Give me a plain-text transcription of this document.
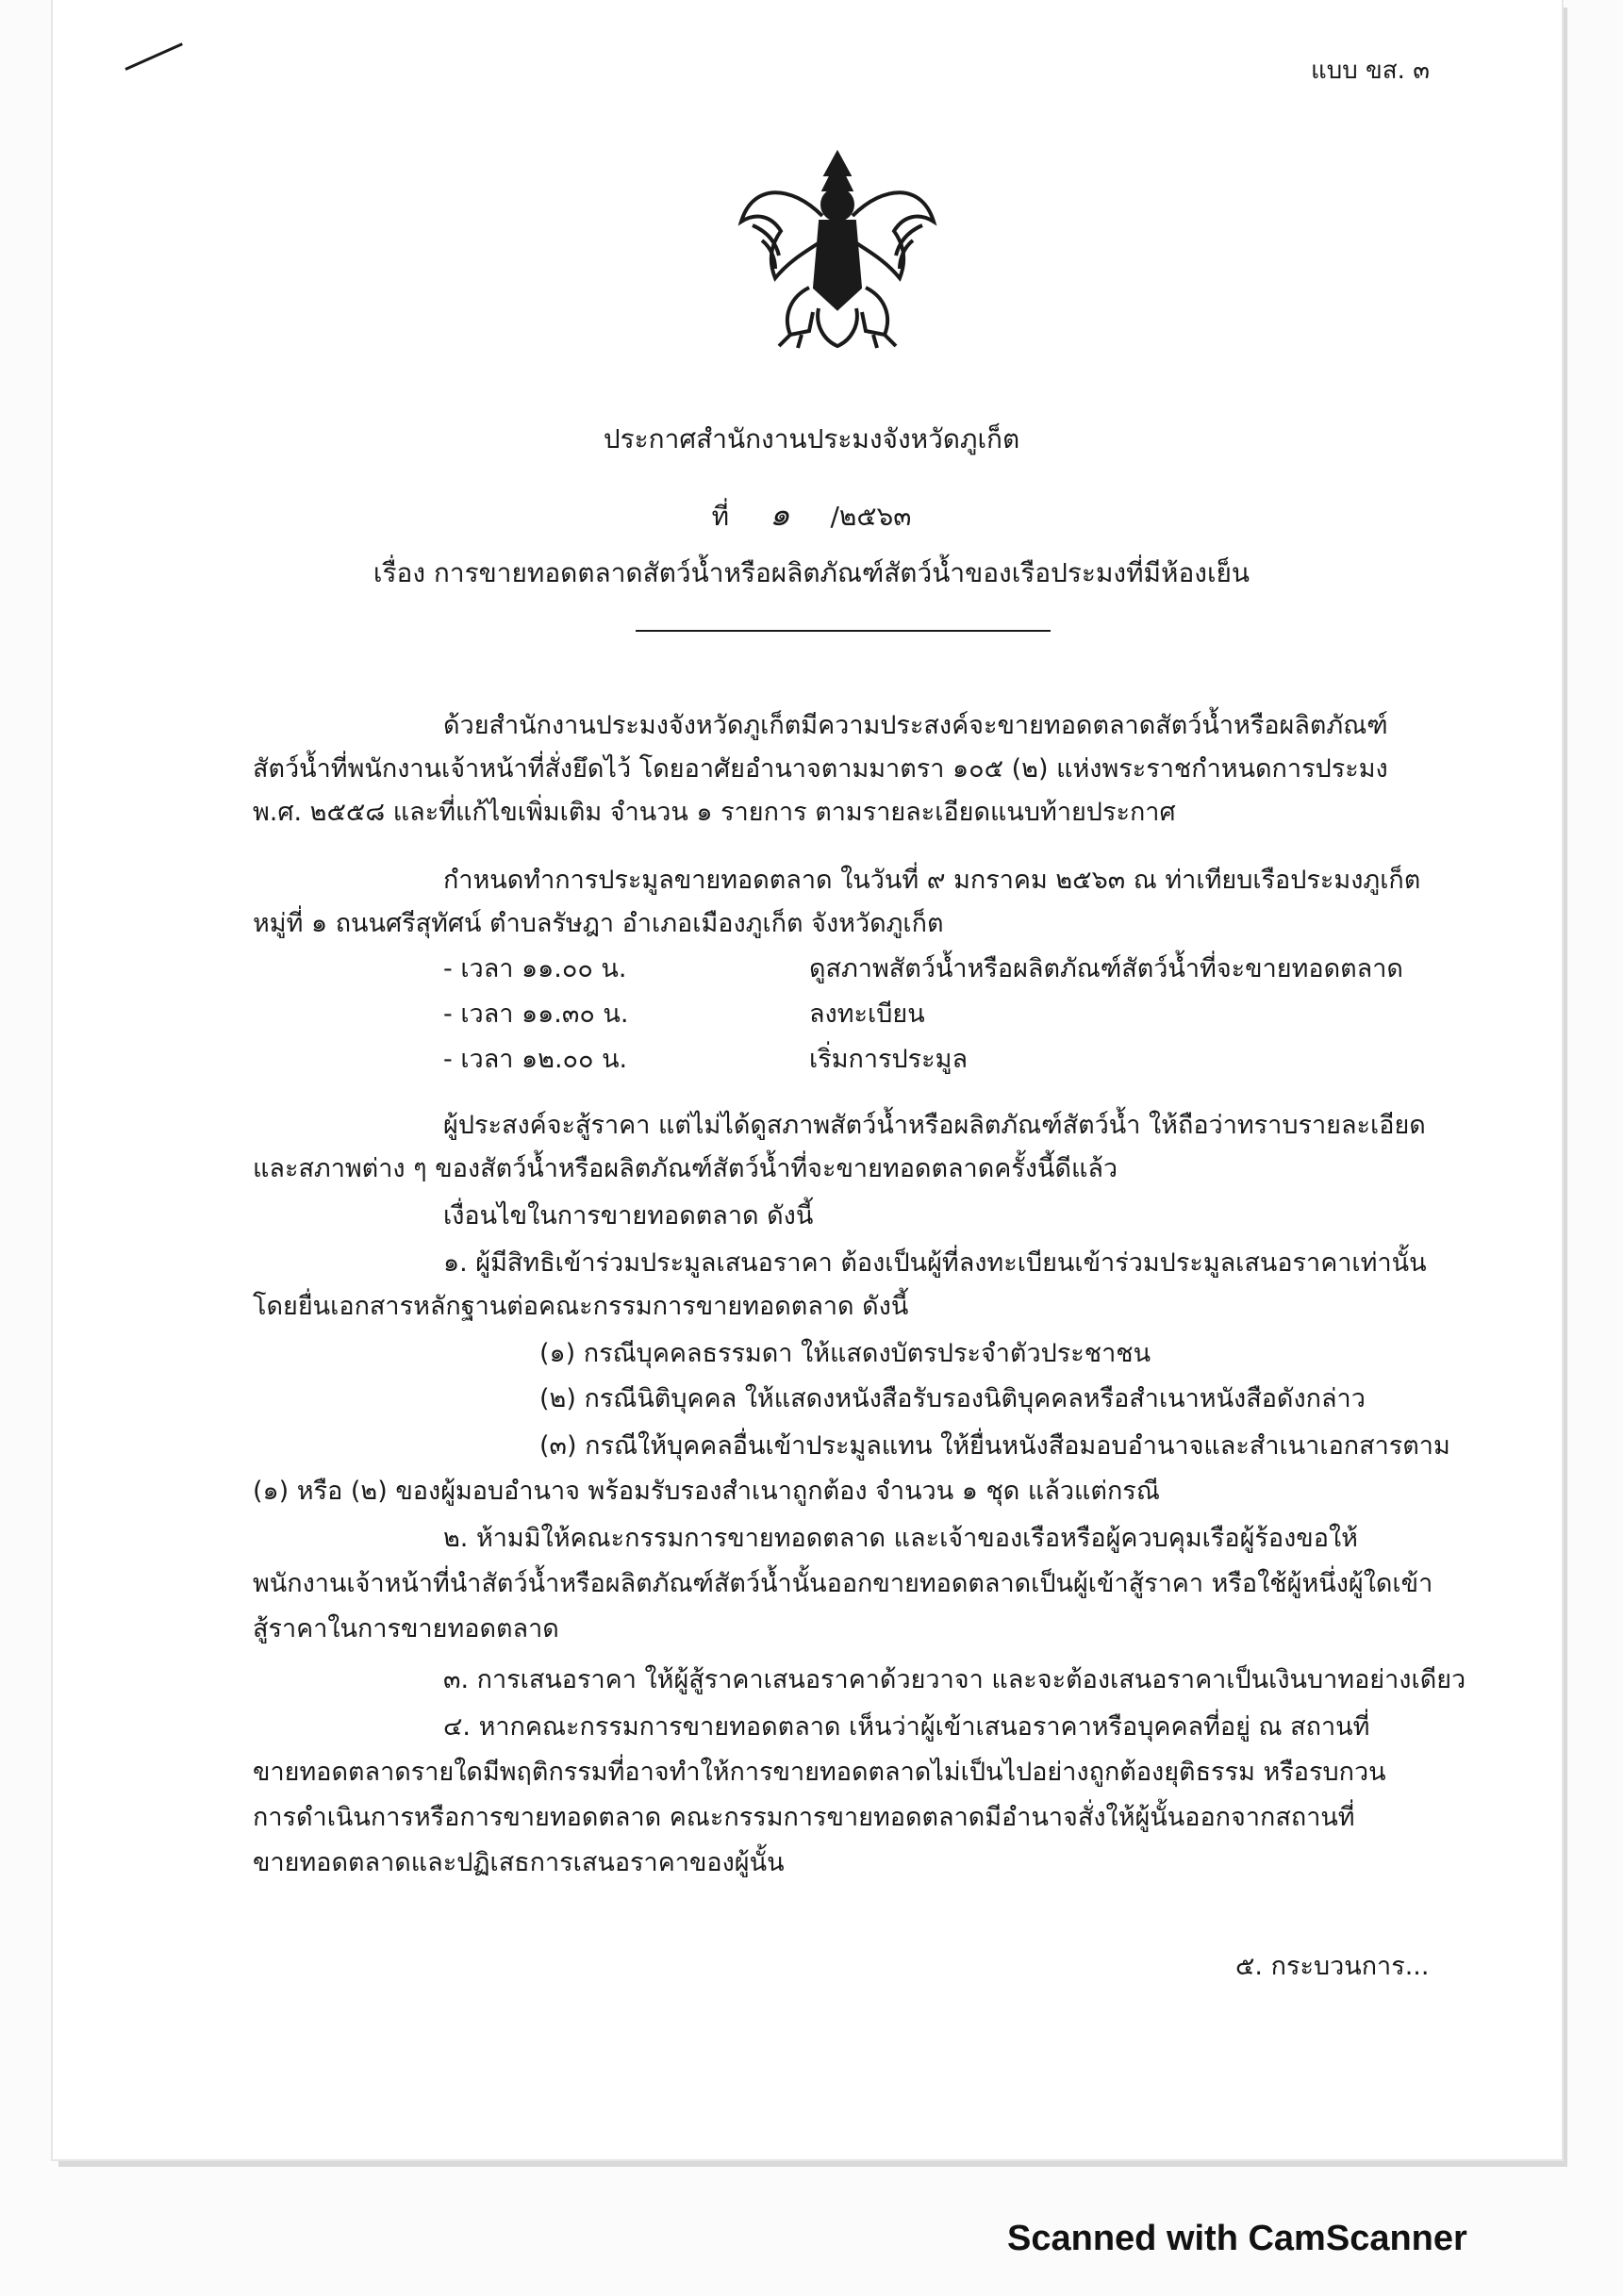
แบบ ขส. ๓
ประกาศสำนักงานประมงจังหวัดภูเก็ต
ที่ ๑ /๒๕๖๓
เรื่อง การขายทอดตลาดสัตว์น้ำหรือผลิตภัณฑ์สัตว์น้ำของเรือประมงที่มีห้องเย็น
ด้วยสำนักงานประมงจังหวัดภูเก็ตมีความประสงค์จะขายทอดตลาดสัตว์น้ำหรือผลิตภัณฑ์
สัตว์น้ำที่พนักงานเจ้าหน้าที่สั่งยึดไว้ โดยอาศัยอำนาจตามมาตรา ๑๐๕ (๒) แห่งพระราชกำหนดการประมง
พ.ศ. ๒๕๕๘ และที่แก้ไขเพิ่มเติม จำนวน ๑ รายการ ตามรายละเอียดแนบท้ายประกาศ
กำหนดทำการประมูลขายทอดตลาด ในวันที่ ๙ มกราคม ๒๕๖๓ ณ ท่าเทียบเรือประมงภูเก็ต
หมู่ที่ ๑ ถนนศรีสุทัศน์ ตำบลรัษฎา อำเภอเมืองภูเก็ต จังหวัดภูเก็ต
- เวลา ๑๑.๐๐ น.	ดูสภาพสัตว์น้ำหรือผลิตภัณฑ์สัตว์น้ำที่จะขายทอดตลาด
- เวลา ๑๑.๓๐ น.	ลงทะเบียน
- เวลา ๑๒.๐๐ น.	เริ่มการประมูล
ผู้ประสงค์จะสู้ราคา แต่ไม่ได้ดูสภาพสัตว์น้ำหรือผลิตภัณฑ์สัตว์น้ำ ให้ถือว่าทราบรายละเอียด
และสภาพต่าง ๆ ของสัตว์น้ำหรือผลิตภัณฑ์สัตว์น้ำที่จะขายทอดตลาดครั้งนี้ดีแล้ว
เงื่อนไขในการขายทอดตลาด ดังนี้
๑. ผู้มีสิทธิเข้าร่วมประมูลเสนอราคา ต้องเป็นผู้ที่ลงทะเบียนเข้าร่วมประมูลเสนอราคาเท่านั้น
โดยยื่นเอกสารหลักฐานต่อคณะกรรมการขายทอดตลาด ดังนี้
(๑) กรณีบุคคลธรรมดา ให้แสดงบัตรประจำตัวประชาชน
(๒) กรณีนิติบุคคล ให้แสดงหนังสือรับรองนิติบุคคลหรือสำเนาหนังสือดังกล่าว
(๓) กรณีให้บุคคลอื่นเข้าประมูลแทน ให้ยื่นหนังสือมอบอำนาจและสำเนาเอกสารตาม
(๑) หรือ (๒) ของผู้มอบอำนาจ พร้อมรับรองสำเนาถูกต้อง จำนวน ๑ ชุด แล้วแต่กรณี
๒. ห้ามมิให้คณะกรรมการขายทอดตลาด และเจ้าของเรือหรือผู้ควบคุมเรือผู้ร้องขอให้
พนักงานเจ้าหน้าที่นำสัตว์น้ำหรือผลิตภัณฑ์สัตว์น้ำนั้นออกขายทอดตลาดเป็นผู้เข้าสู้ราคา หรือใช้ผู้หนึ่งผู้ใดเข้า
สู้ราคาในการขายทอดตลาด
๓. การเสนอราคา ให้ผู้สู้ราคาเสนอราคาด้วยวาจา และจะต้องเสนอราคาเป็นเงินบาทอย่างเดียว
๔. หากคณะกรรมการขายทอดตลาด เห็นว่าผู้เข้าเสนอราคาหรือบุคคลที่อยู่ ณ สถานที่
ขายทอดตลาดรายใดมีพฤติกรรมที่อาจทำให้การขายทอดตลาดไม่เป็นไปอย่างถูกต้องยุติธรรม หรือรบกวน
การดำเนินการหรือการขายทอดตลาด คณะกรรมการขายทอดตลาดมีอำนาจสั่งให้ผู้นั้นออกจากสถานที่
ขายทอดตลาดและปฏิเสธการเสนอราคาของผู้นั้น
๕. กระบวนการ...
Scanned with CamScanner
